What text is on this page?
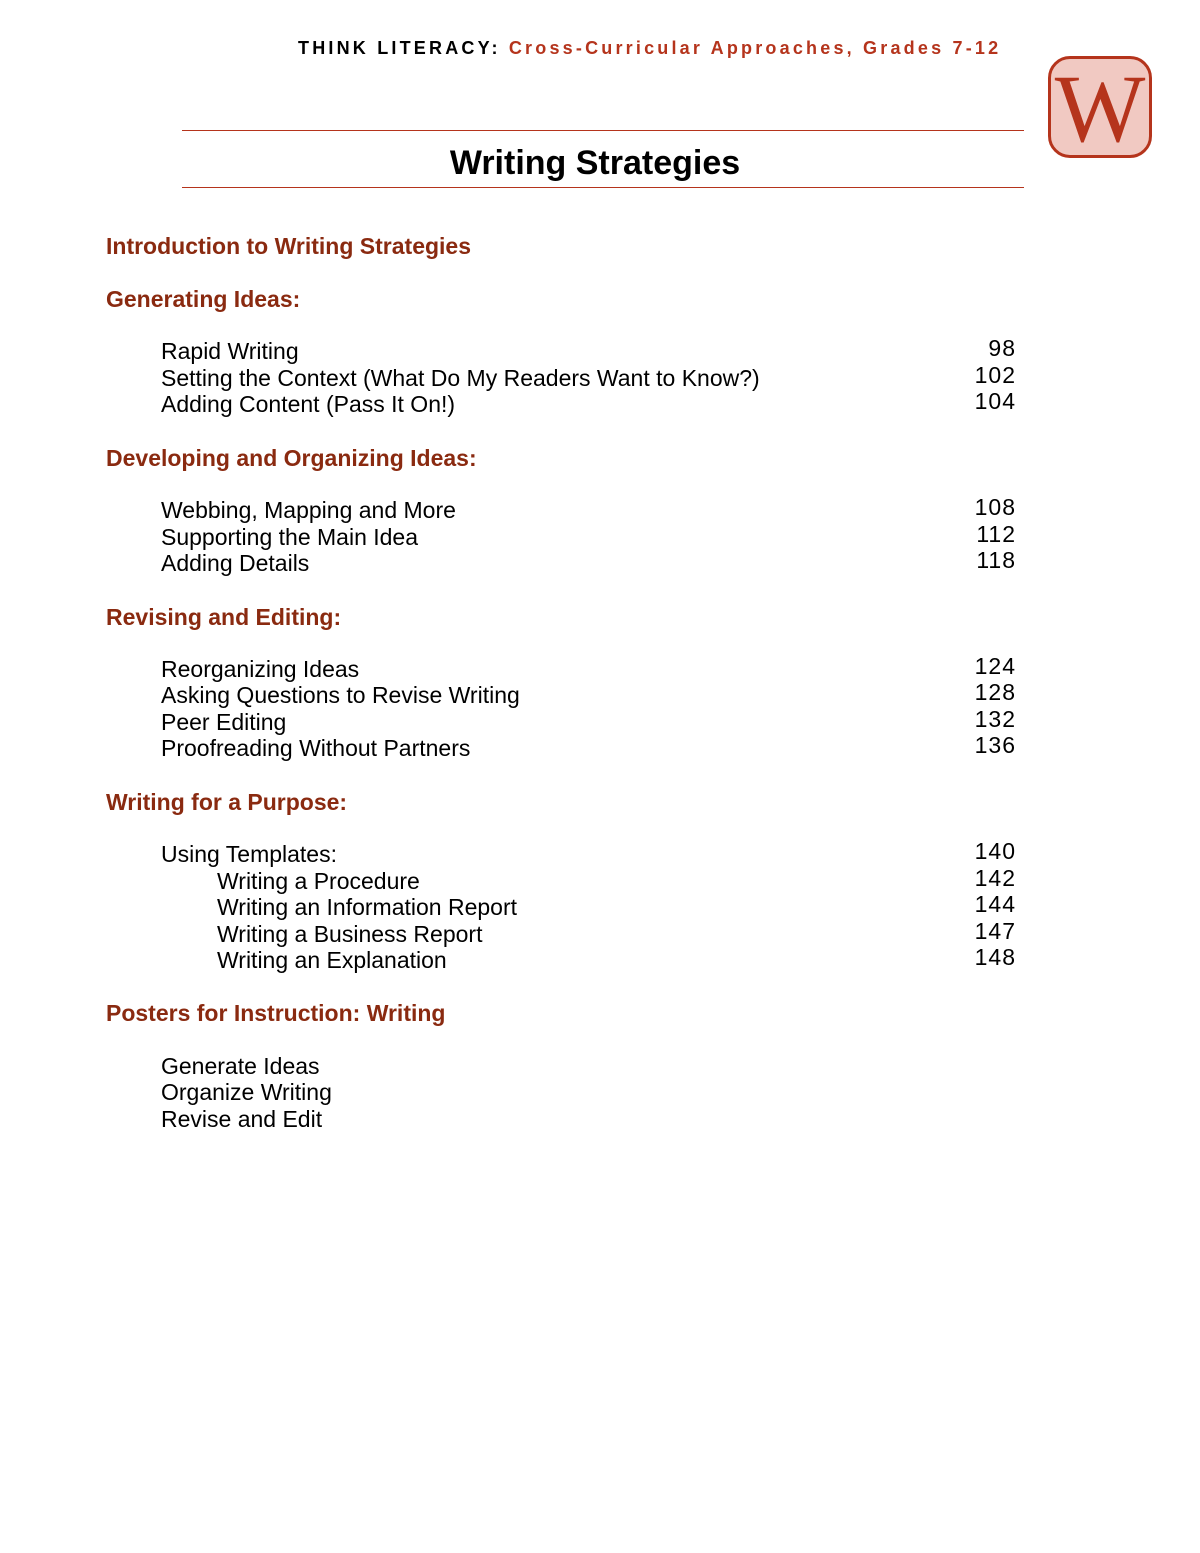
THINK LITERACY: Cross-Curricular Approaches, Grades 7-12
W
Writing Strategies
Introduction to Writing Strategies
Generating Ideas:
Rapid Writing	98
Setting the Context (What Do My Readers Want to Know?)	102
Adding Content (Pass It On!)	104
Developing and Organizing Ideas:
Webbing, Mapping and More	108
Supporting the Main Idea	112
Adding Details	118
Revising and Editing:
Reorganizing Ideas	124
Asking Questions to Revise Writing	128
Peer Editing	132
Proofreading Without Partners	136
Writing for a Purpose:
Using Templates:	140
Writing a Procedure	142
Writing an Information Report	144
Writing a Business Report	147
Writing an Explanation	148
Posters for Instruction: Writing
Generate Ideas
Organize Writing
Revise and Edit
